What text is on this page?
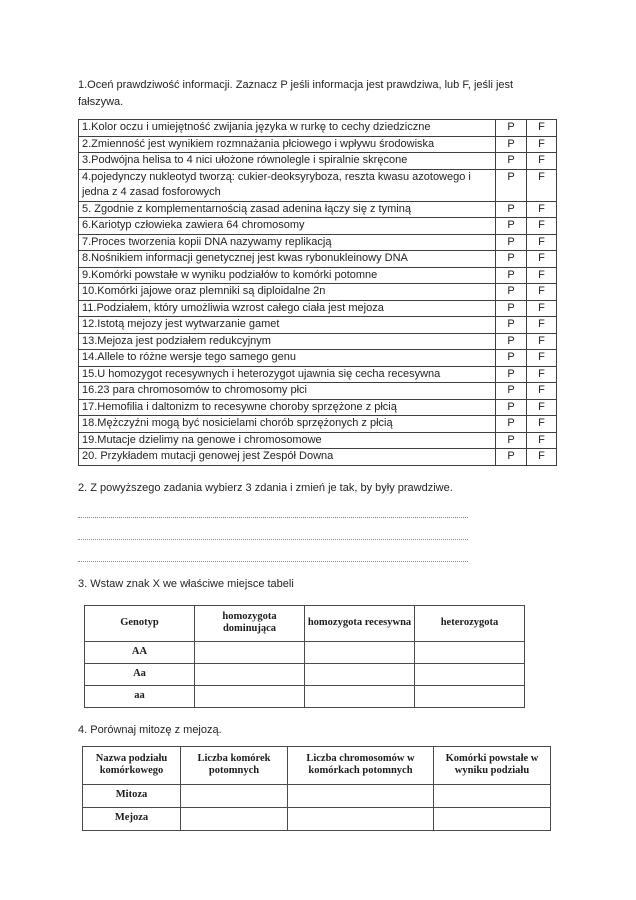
1.Oceń prawdziwość informacji. Zaznacz P jeśli informacja jest prawdziwa, lub F, jeśli jest fałszywa.

1.Kolor oczu i umiejętność zwijania języka w rurkę to cechy dziedziczne	P	F
2.Zmienność jest wynikiem rozmnażania płciowego i wpływu środowiska	P	F
3.Podwójna helisa to 4 nici ułożone równolegle i spiralnie skręcone	P	F
4.pojedynczy nukleotyd tworzą: cukier-deoksyryboza, reszta kwasu azotowego i jedna z 4 zasad fosforowych	P	F
5. Zgodnie z komplementarnością zasad adenina łączy się z tyminą	P	F
6.Kariotyp człowieka zawiera 64 chromosomy	P	F
7.Proces tworzenia kopii DNA nazywamy replikacją	P	F
8.Nośnikiem informacji genetycznej jest kwas rybonukleinowy DNA	P	F
9.Komórki powstałe w wyniku podziałów to komórki potomne	P	F
10.Komórki jajowe oraz plemniki są diploidalne 2n	P	F
11.Podziałem, który umożliwia wzrost całego ciała jest mejoza	P	F
12.Istotą mejozy jest wytwarzanie gamet	P	F
13.Mejoza jest podziałem redukcyjnym	P	F
14.Allele to różne wersje tego samego genu	P	F
15.U homozygot recesywnych i heterozygot ujawnia się cecha recesywna	P	F
16.23 para chromosomów to chromosomy płci	P	F
17.Hemofilia i daltonizm to recesywne choroby sprzężone z płcią	P	F
18.Mężczyźni mogą być nosicielami chorób sprzężonych z płcią	P	F
19.Mutacje dzielimy na genowe i chromosomowe	P	F
20. Przykładem mutacji genowej jest Zespół Downa	P	F

2. Z powyższego zadania wybierz 3 zdania i zmień je tak, by były prawdziwe.

3. Wstaw znak X we właściwe miejsce tabeli

Genotyp	homozygota dominująca	homozygota recesywna	heterozygota
AA			
Aa			
aa			

4. Porównaj mitozę z mejozą.

Nazwa podziału komórkowego	Liczba komórek potomnych	Liczba chromosomów w komórkach potomnych	Komórki powstałe w wyniku podziału
Mitoza			
Mejoza			
